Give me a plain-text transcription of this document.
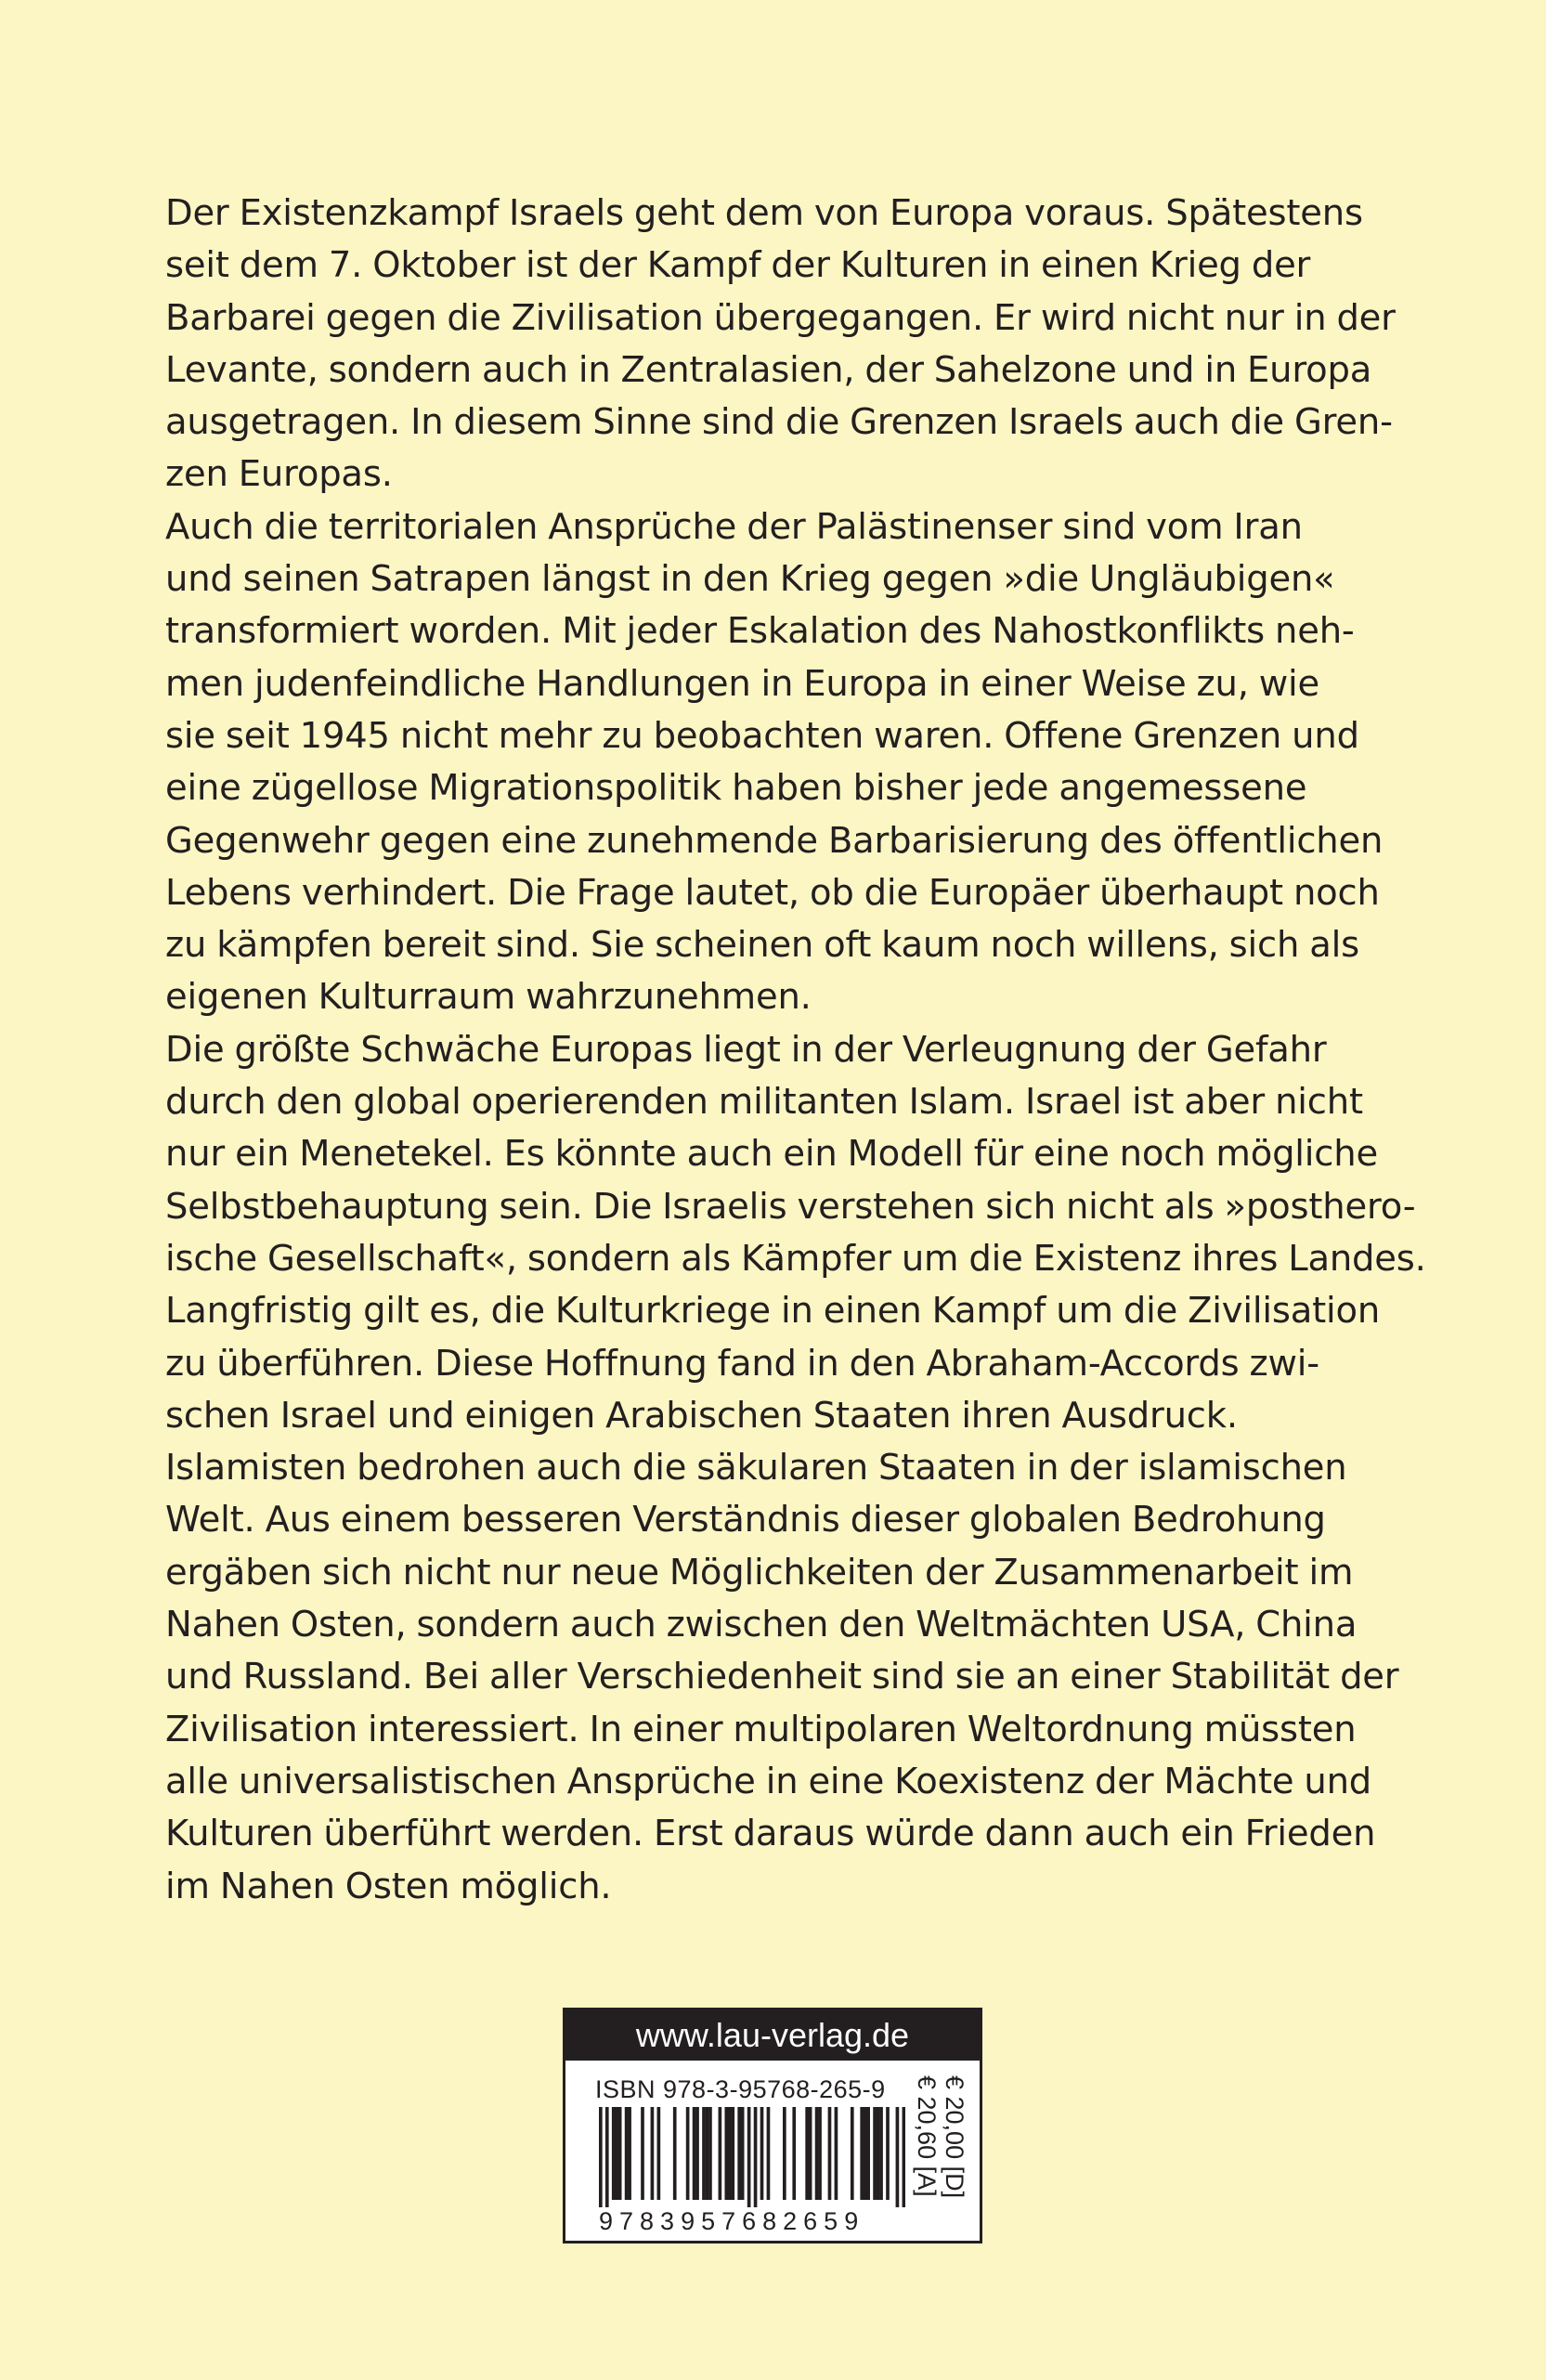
Der Existenzkampf Israels geht dem von Europa voraus. Spätestens
seit dem 7. Oktober ist der Kampf der Kulturen in einen Krieg der
Barbarei gegen die Zivilisation übergegangen. Er wird nicht nur in der
Levante, sondern auch in Zentralasien, der Sahelzone und in Europa
ausgetragen. In diesem Sinne sind die Grenzen Israels auch die Gren-
zen Europas.
Auch die territorialen Ansprüche der Palästinenser sind vom Iran
und seinen Satrapen längst in den Krieg gegen »die Ungläubigen«
transformiert worden. Mit jeder Eskalation des Nahostkonflikts neh-
men judenfeindliche Handlungen in Europa in einer Weise zu, wie
sie seit 1945 nicht mehr zu beobachten waren. Offene Grenzen und
eine zügellose Migrationspolitik haben bisher jede angemessene
Gegenwehr gegen eine zunehmende Barbarisierung des öffentlichen
Lebens verhindert. Die Frage lautet, ob die Europäer überhaupt noch
zu kämpfen bereit sind. Sie scheinen oft kaum noch willens, sich als
eigenen Kulturraum wahrzunehmen.
Die größte Schwäche Europas liegt in der Verleugnung der Gefahr
durch den global operierenden militanten Islam. Israel ist aber nicht
nur ein Menetekel. Es könnte auch ein Modell für eine noch mögliche
Selbstbehauptung sein. Die Israelis verstehen sich nicht als »posthero-
ische Gesellschaft«, sondern als Kämpfer um die Existenz ihres Landes.
Langfristig gilt es, die Kulturkriege in einen Kampf um die Zivilisation
zu überführen. Diese Hoffnung fand in den Abraham-Accords zwi-
schen Israel und einigen Arabischen Staaten ihren Ausdruck.
Islamisten bedrohen auch die säkularen Staaten in der islamischen
Welt. Aus einem besseren Verständnis dieser globalen Bedrohung
ergäben sich nicht nur neue Möglichkeiten der Zusammenarbeit im
Nahen Osten, sondern auch zwischen den Weltmächten USA, China
und Russland. Bei aller Verschiedenheit sind sie an einer Stabilität der
Zivilisation interessiert. In einer multipolaren Weltordnung müssten
alle universalistischen Ansprüche in eine Koexistenz der Mächte und
Kulturen überführt werden. Erst daraus würde dann auch ein Frieden
im Nahen Osten möglich.
www.lau-verlag.de
ISBN 978-3-95768-265-9
9783957682659
€ 20,00 [D]
€ 20,60 [A]
